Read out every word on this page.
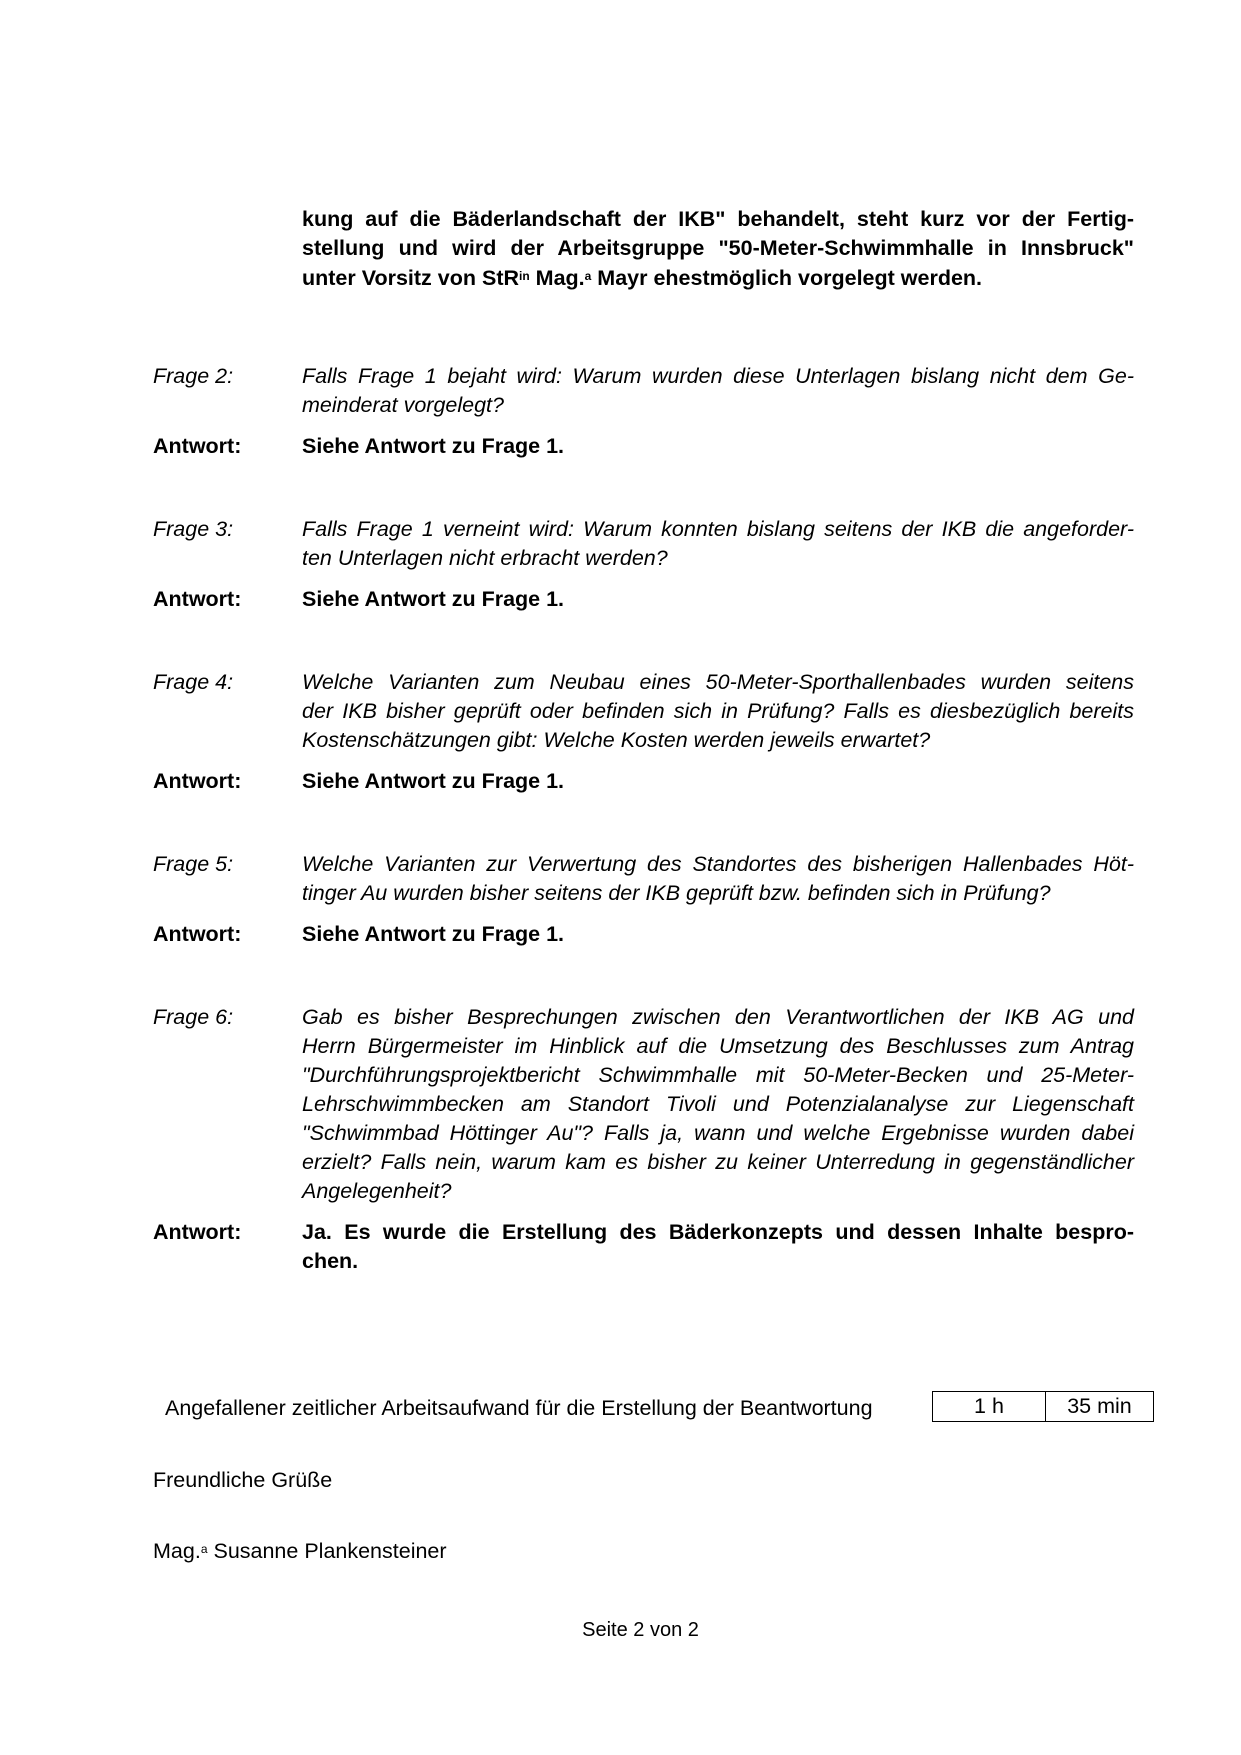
kung auf die Bäderlandschaft der IKB" behandelt, steht kurz vor der Fertig-
stellung und wird der Arbeitsgruppe "50-Meter-Schwimmhalle in Innsbruck"
unter Vorsitz von StR$^{in}$ Mag.$^a$ Mayr ehestmöglich vorgelegt werden.
Frage 2:	Falls Frage 1 bejaht wird: Warum wurden diese Unterlagen bislang nicht dem Ge-
meinderat vorgelegt?
Antwort:	Siehe Antwort zu Frage 1.
Frage 3:	Falls Frage 1 verneint wird: Warum konnten bislang seitens der IKB die angeforder-
ten Unterlagen nicht erbracht werden?
Antwort:	Siehe Antwort zu Frage 1.
Frage 4:	Welche Varianten zum Neubau eines 50-Meter-Sporthallenbades wurden seitens
der IKB bisher geprüft oder befinden sich in Prüfung? Falls es diesbezüglich bereits
Kostenschätzungen gibt: Welche Kosten werden jeweils erwartet?
Antwort:	Siehe Antwort zu Frage 1.
Frage 5:	Welche Varianten zur Verwertung des Standortes des bisherigen Hallenbades Höt-
tinger Au wurden bisher seitens der IKB geprüft bzw. befinden sich in Prüfung?
Antwort:	Siehe Antwort zu Frage 1.
Frage 6:	Gab es bisher Besprechungen zwischen den Verantwortlichen der IKB AG und
Herrn Bürgermeister im Hinblick auf die Umsetzung des Beschlusses zum Antrag
"Durchführungsprojektbericht Schwimmhalle mit 50-Meter-Becken und 25-Meter-
Lehrschwimmbecken am Standort Tivoli und Potenzialanalyse zur Liegenschaft
"Schwimmbad Höttinger Au"? Falls ja, wann und welche Ergebnisse wurden dabei
erzielt? Falls nein, warum kam es bisher zu keiner Unterredung in gegenständlicher
Angelegenheit?
Antwort:	Ja. Es wurde die Erstellung des Bäderkonzepts und dessen Inhalte bespro-
chen.
Angefallener zeitlicher Arbeitsaufwand für die Erstellung der Beantwortung	1 h	35 min
Freundliche Grüße
Mag.$^a$ Susanne Plankensteiner
Seite 2 von 2
